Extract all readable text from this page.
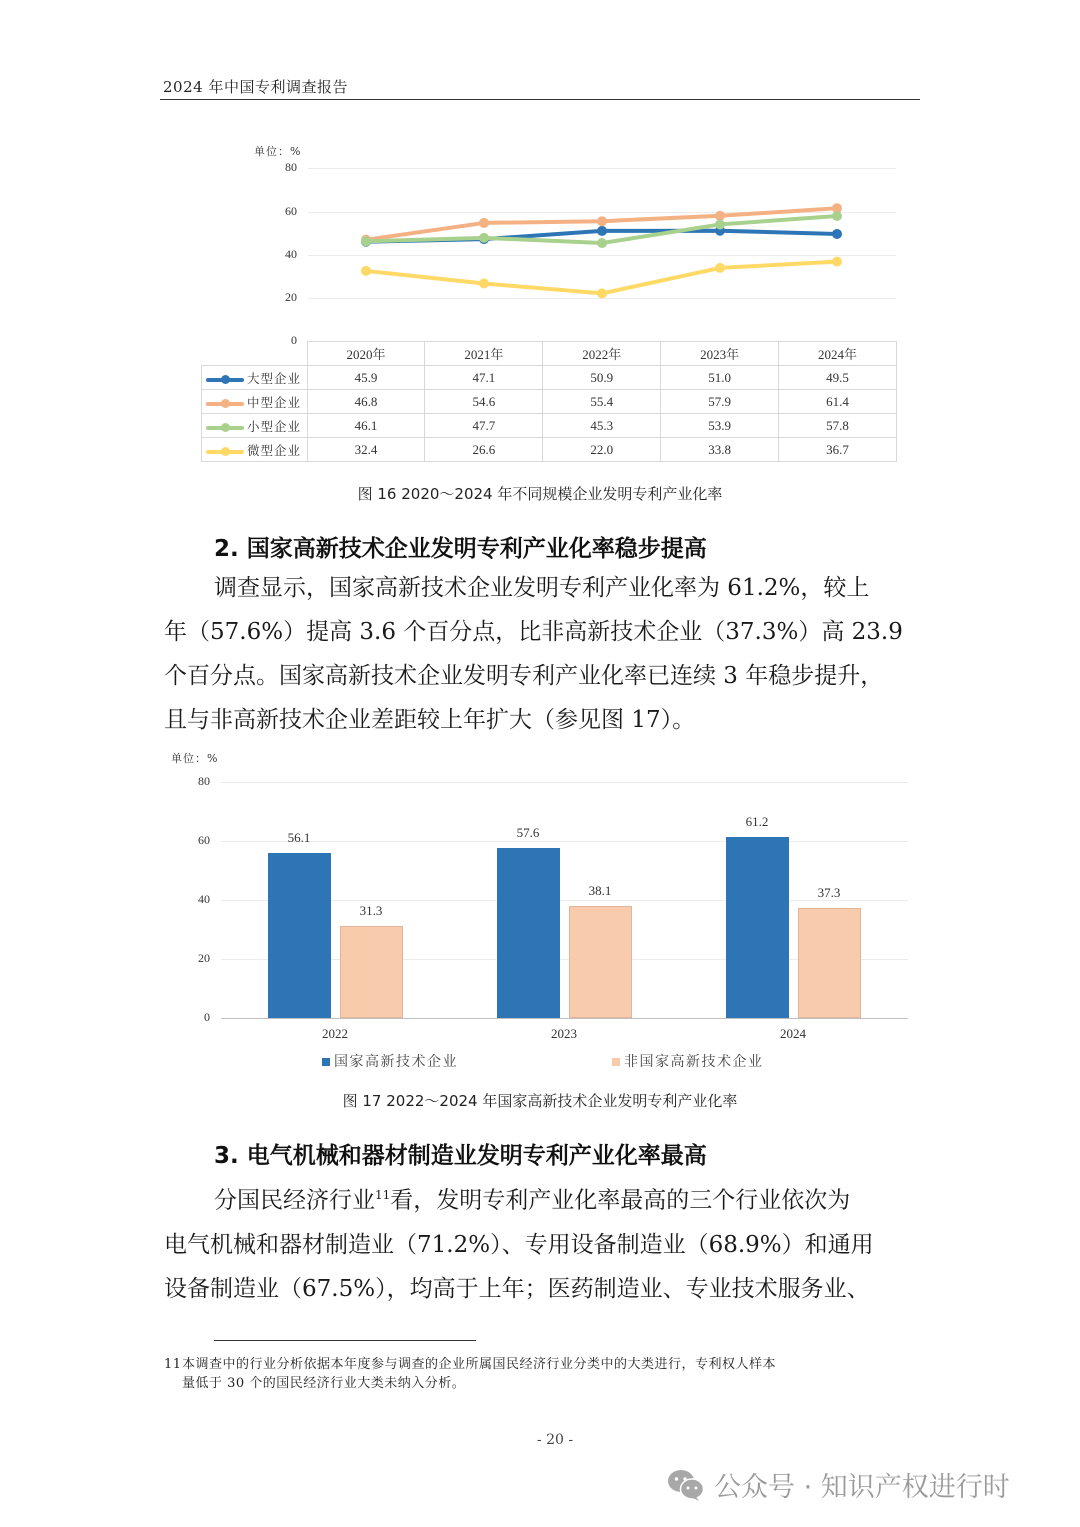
2024 年中国专利调查报告
单位：%
80
60
40
20
0
	2020年	2021年	2022年	2023年	2024年
大型企业	45.9	47.1	50.9	51.0	49.5
中型企业	46.8	54.6	55.4	57.9	61.4
小型企业	46.1	47.7	45.3	53.9	57.8
微型企业	32.4	26.6	22.0	33.8	36.7
图 16 2020～2024 年不同规模企业发明专利产业化率
2. 国家高新技术企业发明专利产业化率稳步提高
调查显示，国家高新技术企业发明专利产业化率为 61.2%，较上
年（57.6%）提高 3.6 个百分点，比非高新技术企业（37.3%）高 23.9
个百分点。国家高新技术企业发明专利产业化率已连续 3 年稳步提升，
且与非高新技术企业差距较上年扩大（参见图 17）。
单位：%
80
60
40
20
0
56.1	57.6
61.2
31.3
38.1	37.3
2022	2023	2024
国家高新技术企业	非国家高新技术企业
图 17 2022～2024 年国家高新技术企业发明专利产业化率
3. 电气机械和器材制造业发明专利产业化率最高
分国民经济行业$^{11}$看，发明专利产业化率最高的三个行业依次为
电气机械和器材制造业（71.2%）、专用设备制造业（68.9%）和通用
设备制造业（67.5%），均高于上年；医药制造业、专业技术服务业、
11本调查中的行业分析依据本年度参与调查的企业所属国民经济行业分类中的大类进行，专利权人样本
量低于 30 个的国民经济行业大类未纳入分析。
- 20 -
公众号 · 知识产权进行时
